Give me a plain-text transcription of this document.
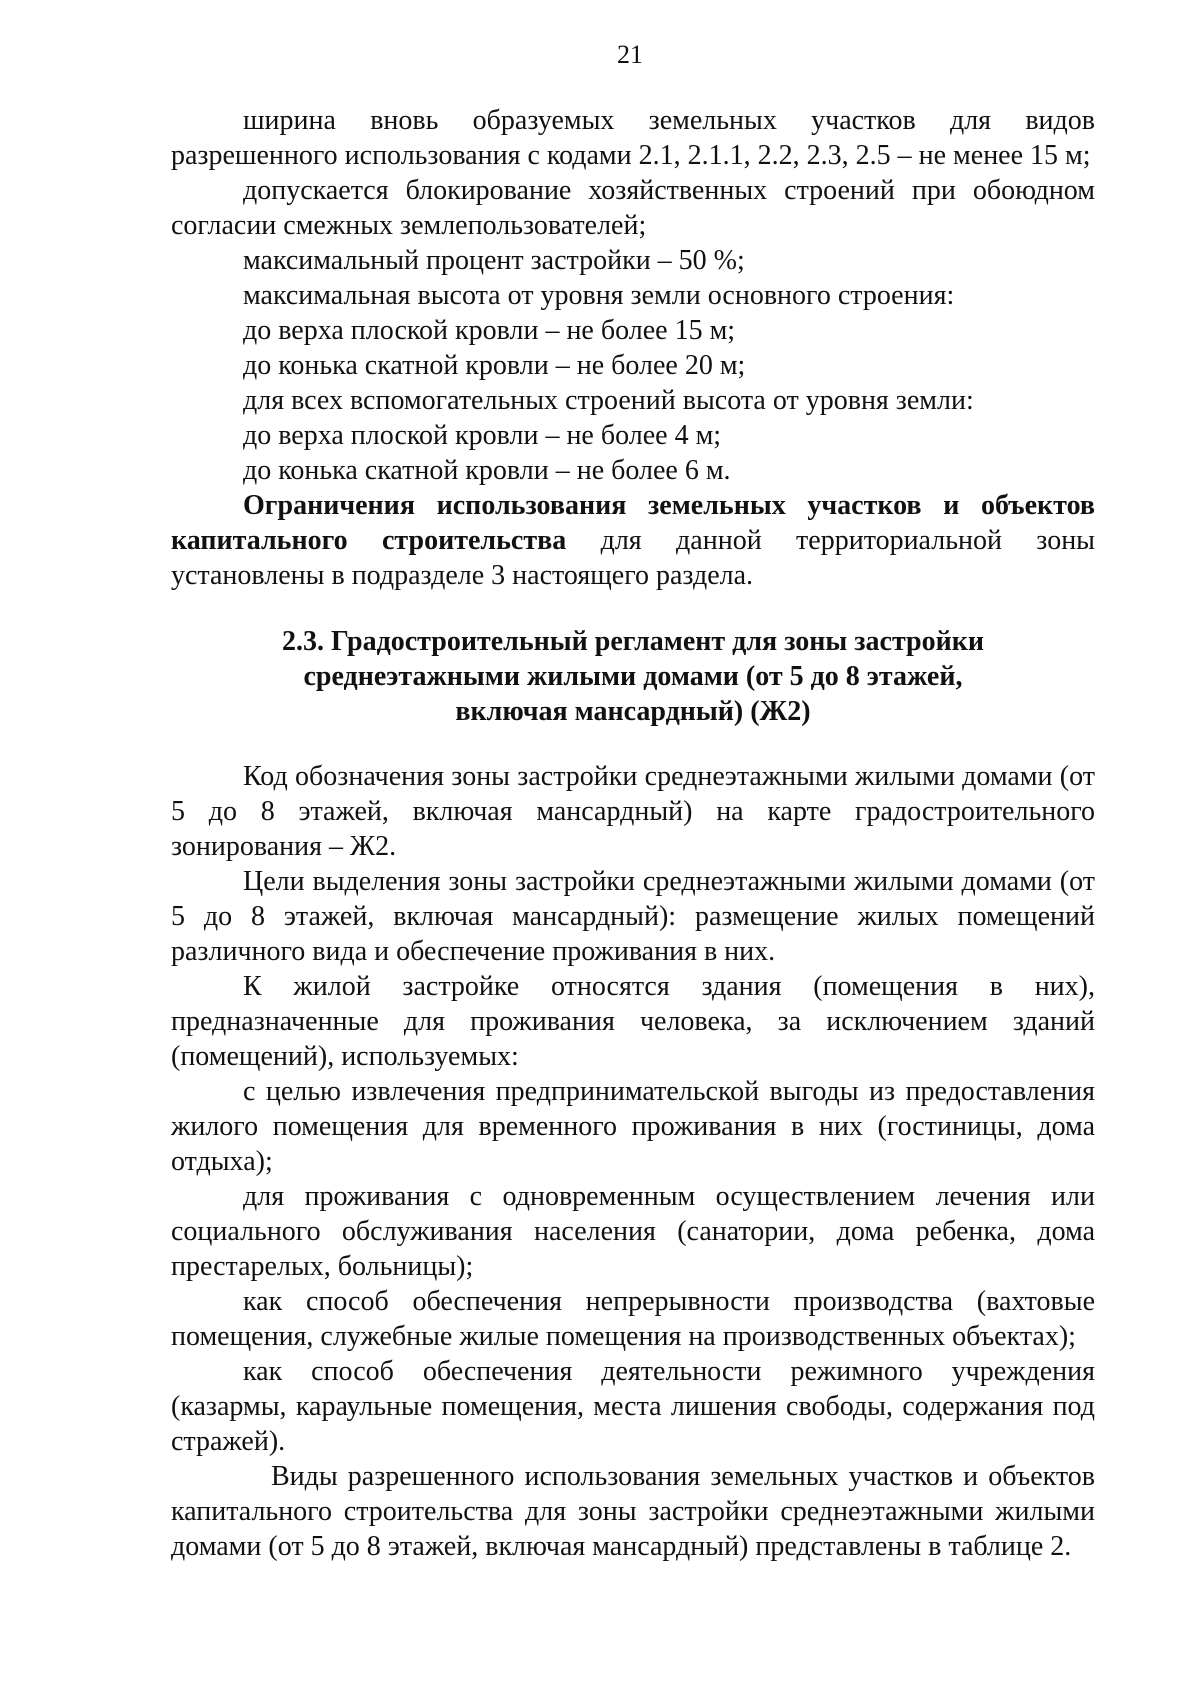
21

ширина вновь образуемых земельных участков для видов разрешенного использования с кодами 2.1, 2.1.1, 2.2, 2.3, 2.5 – не менее 15 м;

допускается блокирование хозяйственных строений при обоюдном согласии смежных землепользователей;

максимальный процент застройки – 50 %;

максимальная высота от уровня земли основного строения:

до верха плоской кровли – не более 15 м;

до конька скатной кровли – не более 20 м;

для всех вспомогательных строений высота от уровня земли:

до верха плоской кровли – не более 4 м;

до конька скатной кровли – не более 6 м.

Ограничения использования земельных участков и объектов капитального строительства для данной территориальной зоны установлены в подразделе 3 настоящего раздела.

2.3. Градостроительный регламент для зоны застройки
среднеэтажными жилыми домами (от 5 до 8 этажей,
включая мансардный) (Ж2)

Код обозначения зоны застройки среднеэтажными жилыми домами (от 5 до 8 этажей, включая мансардный) на карте градостроительного зонирования – Ж2.

Цели выделения зоны застройки среднеэтажными жилыми домами (от 5 до 8 этажей, включая мансардный): размещение жилых помещений различного вида и обеспечение проживания в них.

К жилой застройке относятся здания (помещения в них), предназначенные для проживания человека, за исключением зданий (помещений), используемых:

с целью извлечения предпринимательской выгоды из предоставления жилого помещения для временного проживания в них (гостиницы, дома отдыха);

для проживания с одновременным осуществлением лечения или социального обслуживания населения (санатории, дома ребенка, дома престарелых, больницы);

как способ обеспечения непрерывности производства (вахтовые помещения, служебные жилые помещения на производственных объектах);

как способ обеспечения деятельности режимного учреждения (казармы, караульные помещения, места лишения свободы, содержания под стражей).

Виды разрешенного использования земельных участков и объектов капитального строительства для зоны застройки среднеэтажными жилыми домами (от 5 до 8 этажей, включая мансардный) представлены в таблице 2.
